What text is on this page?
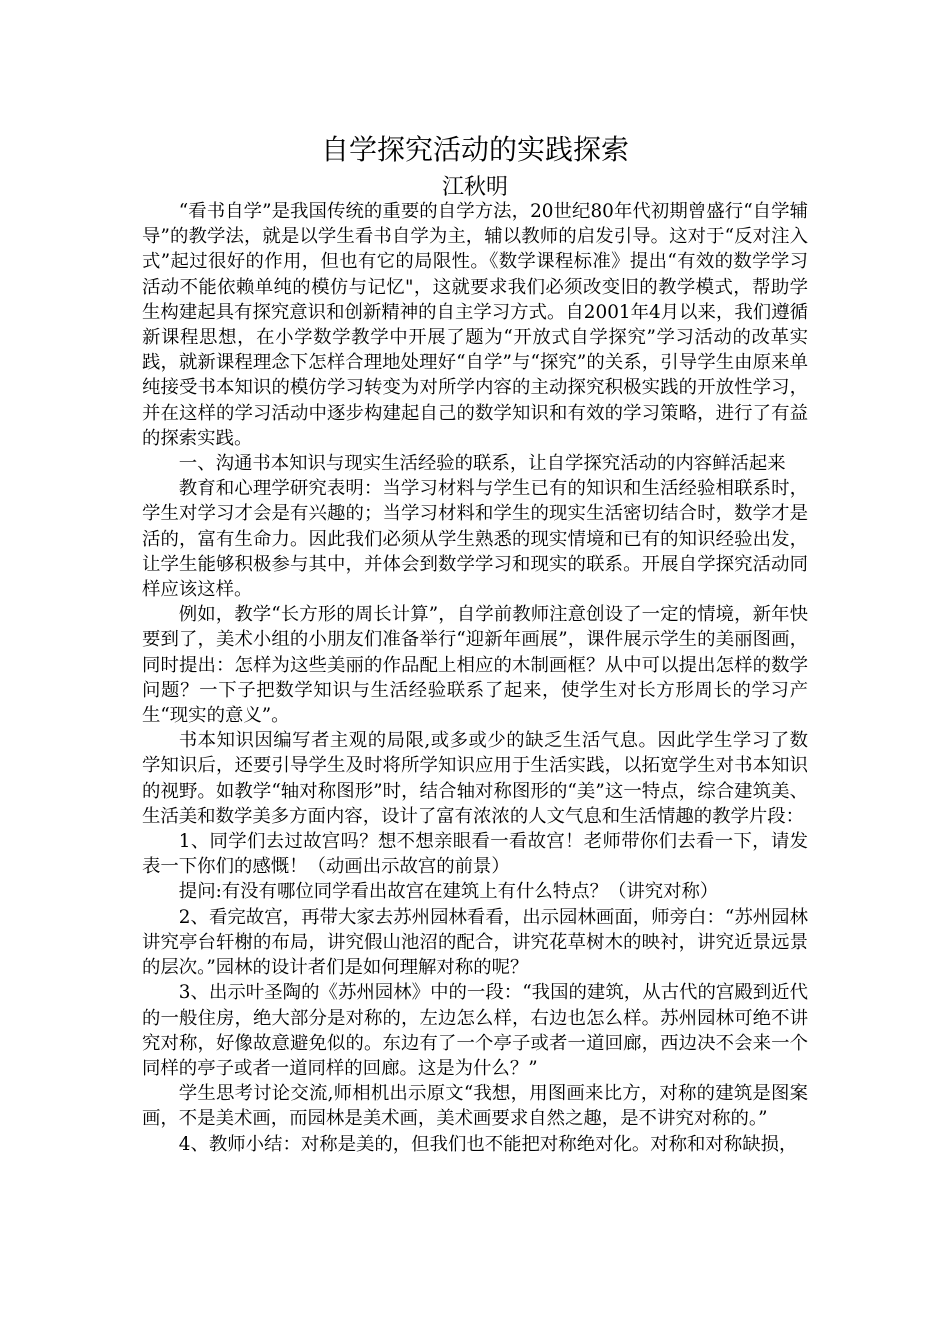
自学探究活动的实践探索
江秋明

“看书自学”是我国传统的重要的自学方法，20世纪80年代初期曾盛行“自学辅导”的教学法，就是以学生看书自学为主，辅以教师的启发引导。这对于“反对注入式”起过很好的作用，但也有它的局限性。《数学课程标准》提出“有效的数学学习活动不能依赖单纯的模仿与记忆"，这就要求我们必须改变旧的教学模式，帮助学生构建起具有探究意识和创新精神的自主学习方式。自2001年4月以来，我们遵循新课程思想，在小学数学教学中开展了题为“开放式自学探究”学习活动的改革实践，就新课程理念下怎样合理地处理好“自学”与“探究”的关系，引导学生由原来单纯接受书本知识的模仿学习转变为对所学内容的主动探究积极实践的开放性学习，并在这样的学习活动中逐步构建起自己的数学知识和有效的学习策略，进行了有益的探索实践。

一、沟通书本知识与现实生活经验的联系，让自学探究活动的内容鲜活起来

教育和心理学研究表明：当学习材料与学生已有的知识和生活经验相联系时，学生对学习才会是有兴趣的；当学习材料和学生的现实生活密切结合时，数学才是活的，富有生命力。因此我们必须从学生熟悉的现实情境和已有的知识经验出发，让学生能够积极参与其中，并体会到数学学习和现实的联系。开展自学探究活动同样应该这样。

例如，教学“长方形的周长计算”，自学前教师注意创设了一定的情境，新年快要到了，美术小组的小朋友们准备举行“迎新年画展”，课件展示学生的美丽图画，同时提出：怎样为这些美丽的作品配上相应的木制画框？从中可以提出怎样的数学问题？一下子把数学知识与生活经验联系了起来，使学生对长方形周长的学习产生“现实的意义”。

书本知识因编写者主观的局限,或多或少的缺乏生活气息。因此学生学习了数学知识后，还要引导学生及时将所学知识应用于生活实践，以拓宽学生对书本知识的视野。如教学“轴对称图形”时，结合轴对称图形的“美”这一特点，综合建筑美、生活美和数学美多方面内容，设计了富有浓浓的人文气息和生活情趣的教学片段：

1、同学们去过故宫吗？想不想亲眼看一看故宫！老师带你们去看一下，请发表一下你们的感慨！（动画出示故宫的前景）

提问:有没有哪位同学看出故宫在建筑上有什么特点？（讲究对称）

2、看完故宫，再带大家去苏州园林看看，出示园林画面，师旁白：“苏州园林讲究亭台轩榭的布局，讲究假山池沼的配合，讲究花草树木的映衬，讲究近景远景的层次。”园林的设计者们是如何理解对称的呢？

3、出示叶圣陶的《苏州园林》中的一段：“我国的建筑，从古代的宫殿到近代的一般住房，绝大部分是对称的，左边怎么样，右边也怎么样。苏州园林可绝不讲究对称，好像故意避免似的。东边有了一个亭子或者一道回廊，西边决不会来一个同样的亭子或者一道同样的回廊。这是为什么？”

学生思考讨论交流,师相机出示原文“我想，用图画来比方，对称的建筑是图案画，不是美术画，而园林是美术画，美术画要求自然之趣，是不讲究对称的。”

4、教师小结：对称是美的，但我们也不能把对称绝对化。对称和对称缺损，
